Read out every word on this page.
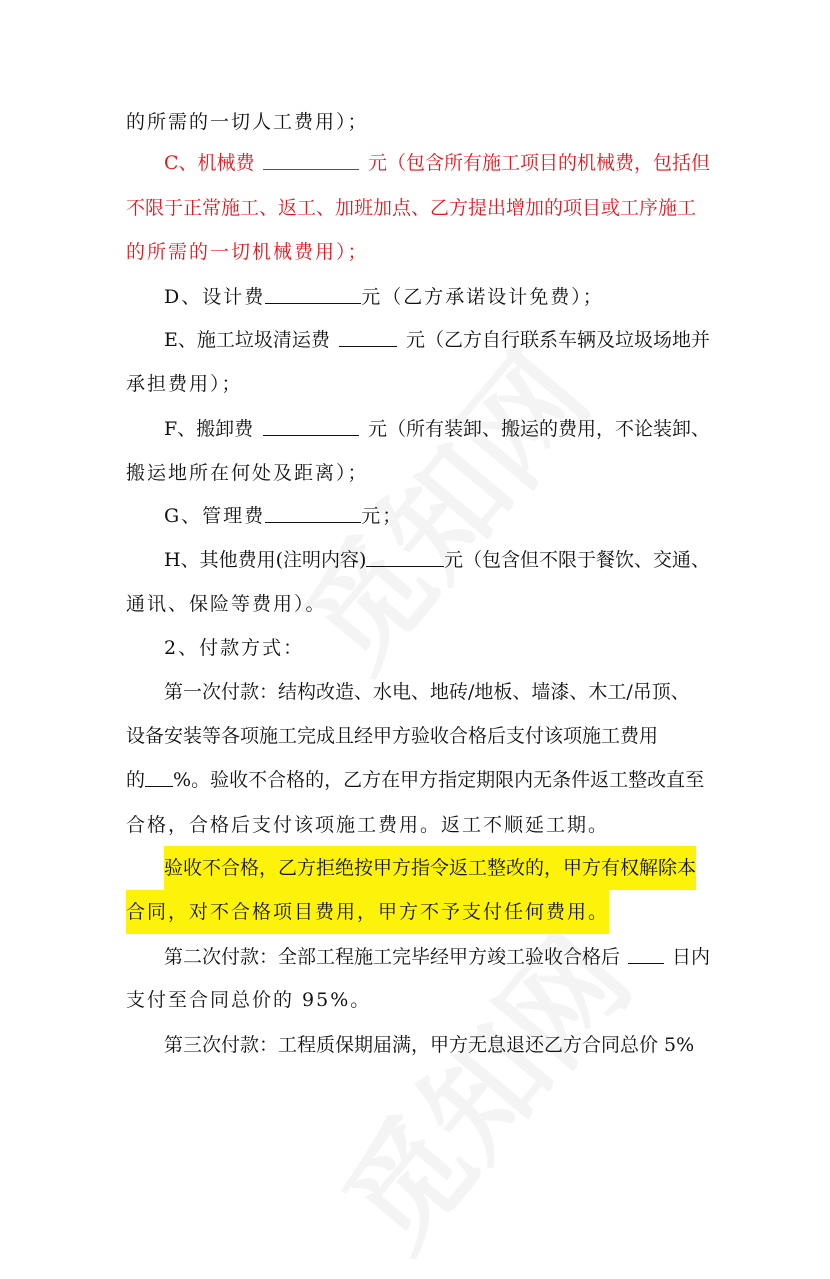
的所需的一切人工费用）；
C、机械费	元（包含所有施工项目的机械费，包括但
不限于正常施工、返工、加班加点、乙方提出增加的项目或工序施工
的所需的一切机械费用）；
D、设计费	元（乙方承诺设计免费）；
E、施工垃圾清运费	元（乙方自行联系车辆及垃圾场地并
承担费用）；
F、搬卸费	元（所有装卸、搬运的费用，不论装卸、
搬运地所在何处及距离）；
G、管理费	元；
H、其他费用(注明内容)	元（包含但不限于餐饮、交通、
通讯、保险等费用）。
2、付款方式：
第一次付款：结构改造、水电、地砖/地板、墙漆、木工/吊顶、
设备安装等各项施工完成且经甲方验收合格后支付该项施工费用
的 %。验收不合格的，乙方在甲方指定期限内无条件返工整改直至
合格，合格后支付该项施工费用。返工不顺延工期。
验收不合格，乙方拒绝按甲方指令返工整改的，甲方有权解除本
合同，对不合格项目费用，甲方不予支付任何费用。
第二次付款：全部工程施工完毕经甲方竣工验收合格后	日内
支付至合同总价的 95%。
第三次付款：工程质保期届满，甲方无息退还乙方合同总价 5%
